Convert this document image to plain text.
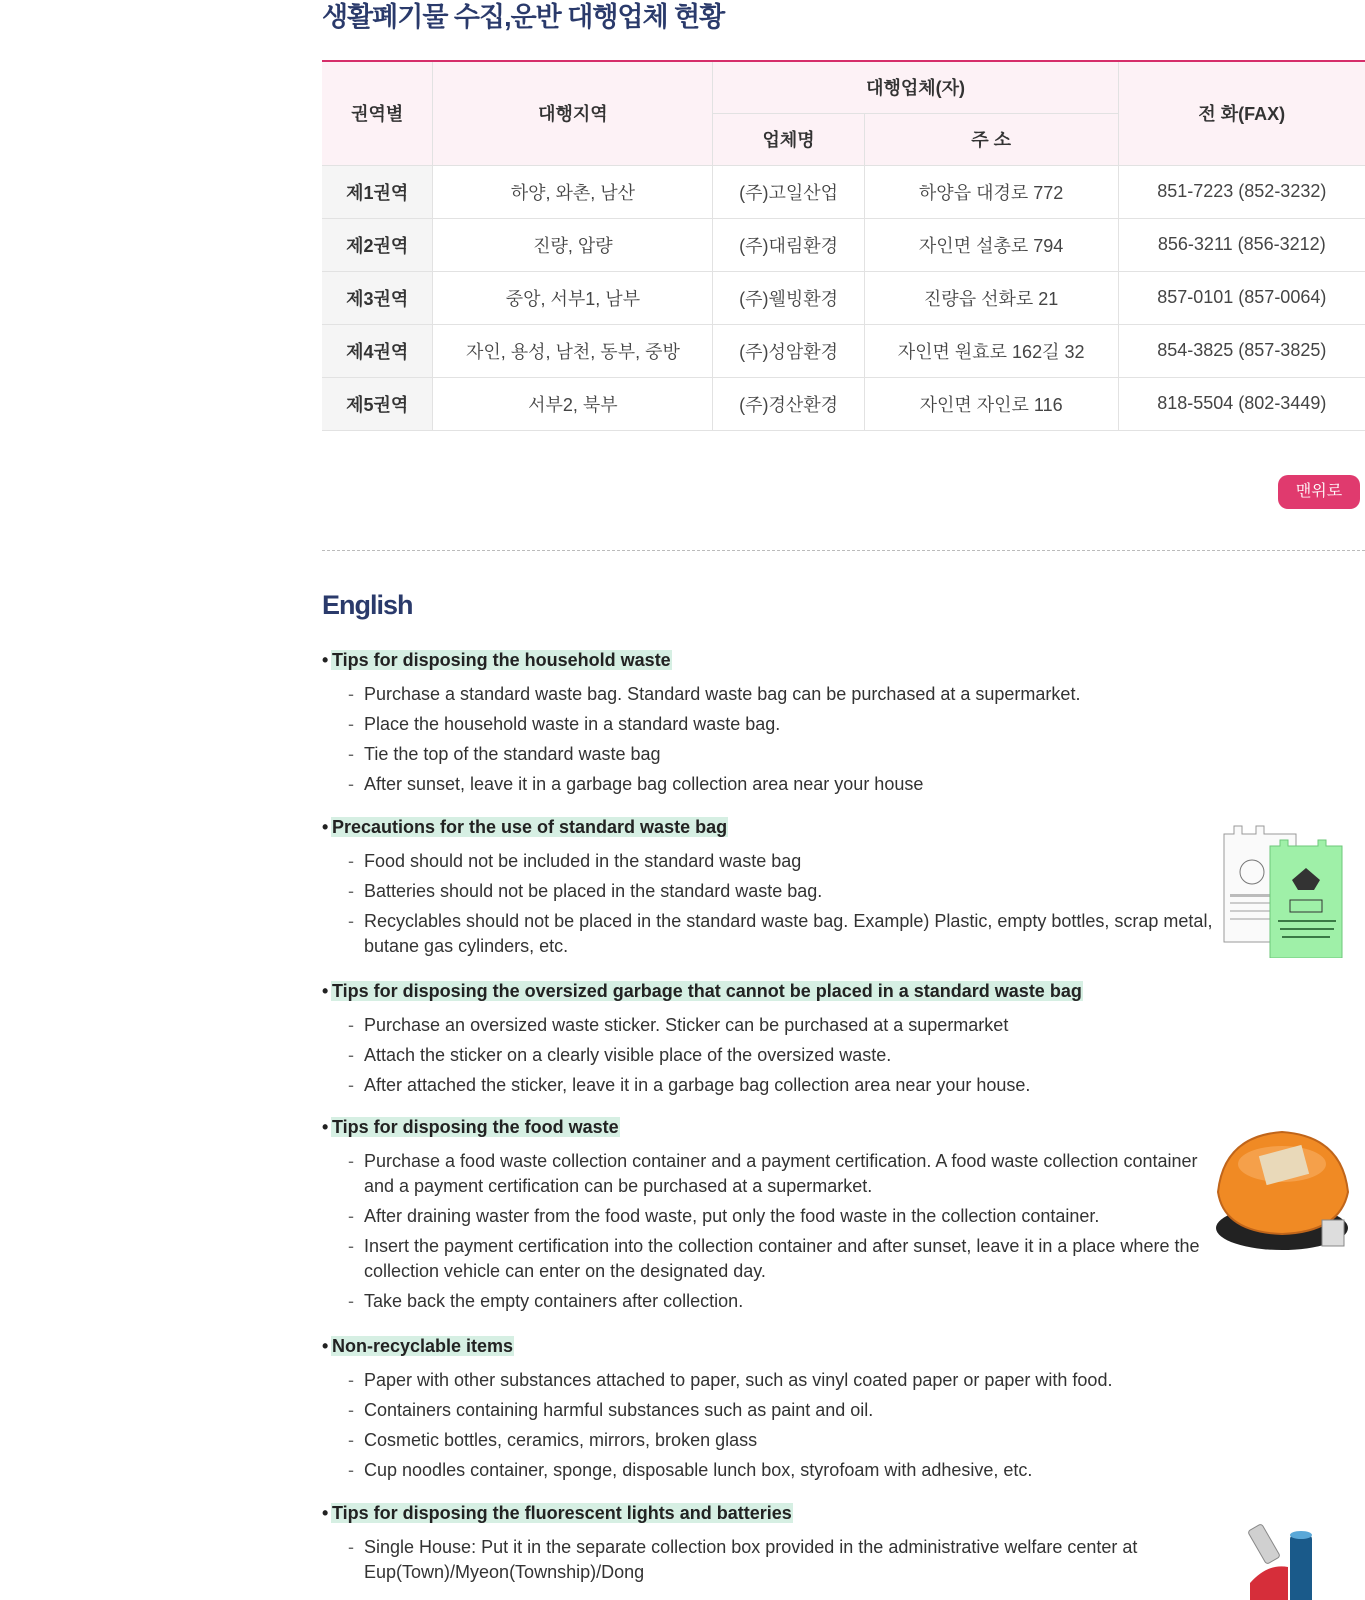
생활폐기물 수집,운반 대행업체 현황
권역별	대행지역	대행업체(자)		전 화(FAX)
		업체명	주 소	
제1권역	하양, 와촌, 남산	(주)고일산업	하양읍 대경로 772	851-7223 (852-3232)
제2권역	진량, 압량	(주)대림환경	자인면 설총로 794	856-3211 (856-3212)
제3권역	중앙, 서부1, 남부	(주)웰빙환경	진량읍 선화로 21	857-0101 (857-0064)
제4권역	자인, 용성, 남천, 동부, 중방	(주)성암환경	자인면 원효로 162길 32	854-3825 (857-3825)
제5권역	서부2, 북부	(주)경산환경	자인면 자인로 116	818-5504 (802-3449)
맨위로
English
• Tips for disposing the household waste
- Purchase a standard waste bag. Standard waste bag can be purchased at a supermarket.
- Place the household waste in a standard waste bag.
- Tie the top of the standard waste bag
- After sunset, leave it in a garbage bag collection area near your house
• Precautions for the use of standard waste bag
- Food should not be included in the standard waste bag
- Batteries should not be placed in the standard waste bag.
- Recyclables should not be placed in the standard waste bag. Example) Plastic, empty bottles, scrap metal, butane gas cylinders, etc.
• Tips for disposing the oversized garbage that cannot be placed in a standard waste bag
- Purchase an oversized waste sticker. Sticker can be purchased at a supermarket
- Attach the sticker on a clearly visible place of the oversized waste.
- After attached the sticker, leave it in a garbage bag collection area near your house.
• Tips for disposing the food waste
- Purchase a food waste collection container and a payment certification. A food waste collection container and a payment certification can be purchased at a supermarket.
- After draining waster from the food waste, put only the food waste in the collection container.
- Insert the payment certification into the collection container and after sunset, leave it in a place where the collection vehicle can enter on the designated day.
- Take back the empty containers after collection.
• Non-recyclable items
- Paper with other substances attached to paper, such as vinyl coated paper or paper with food.
- Containers containing harmful substances such as paint and oil.
- Cosmetic bottles, ceramics, mirrors, broken glass
- Cup noodles container, sponge, disposable lunch box, styrofoam with adhesive, etc.
• Tips for disposing the fluorescent lights and batteries
- Single House: Put it in the separate collection box provided in the administrative welfare center at Eup(Town)/Myeon(Township)/Dong
